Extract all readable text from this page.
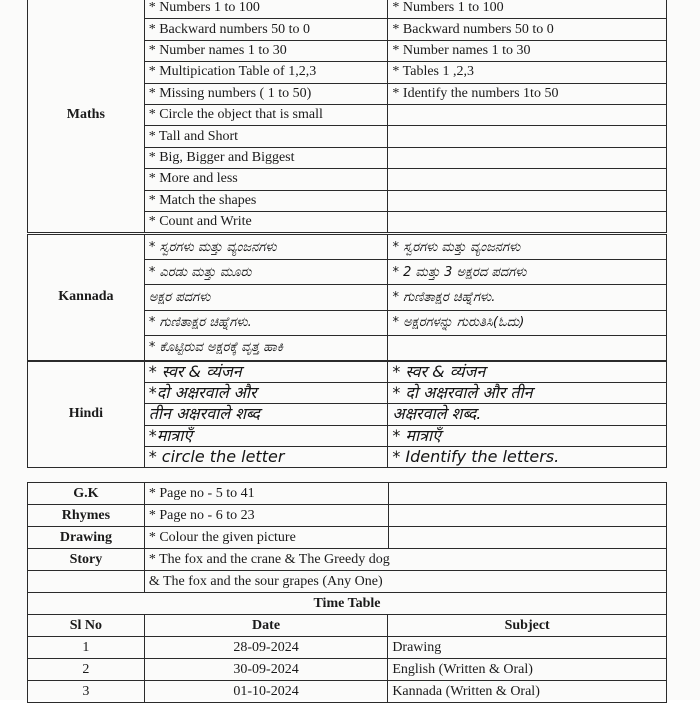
Maths	* Numbers 1 to 100	* Numbers 1 to 100
	* Backward numbers 50 to 0	* Backward numbers 50 to 0
	* Number names 1 to 30	* Number names 1 to 30
	* Multipication Table of 1,2,3	* Tables 1 ,2,3
	* Missing numbers ( 1 to 50)	* Identify the numbers 1to 50
	* Circle the object that is small	
	* Tall and Short	
	* Big, Bigger and Biggest	
	* More and less	
	* Match the shapes	
	* Count and Write	
Kannada	* ಸ್ವರಗಳು ಮತ್ತು ವ್ಯಂಜನಗಳು	* ಸ್ವರಗಳು ಮತ್ತು ವ್ಯಂಜನಗಳು
	* ಎರಡು ಮತ್ತು ಮೂರು	* 2 ಮತ್ತು 3 ಅಕ್ಷರದ ಪದಗಳು
	ಅಕ್ಷರ ಪದಗಳು	* ಗುಣಿತಾಕ್ಷರ ಚಿಹ್ನೆಗಳು.
	* ಗುಣಿತಾಕ್ಷರ ಚಿಹ್ನೆಗಳು.	* ಅಕ್ಷರಗಳನ್ನು ಗುರುತಿಸಿ(ಓದು)
	* ಕೊಟ್ಟಿರುವ ಅಕ್ಷರಕ್ಕೆ ವೃತ್ತ ಹಾಕಿ	
Hindi	* स्वर & व्यंजन	* स्वर & व्यंजन
	*दो अक्षरवाले और	* दो अक्षरवाले और तीन
	तीन अक्षरवाले शब्द	अक्षरवाले शब्द.
	*मात्राएँ	* मात्राएँ
	* circle the letter	* Identify the letters.
G.K	* Page no - 5 to 41	
Rhymes	* Page no - 6 to 23	
Drawing	* Colour the given picture	
Story	* The fox and the crane & The Greedy dog	
	& The fox and the sour grapes (Any One)	
Time Table		
Sl No	Date	Subject
1	28-09-2024	Drawing
2	30-09-2024	English (Written & Oral)
3	01-10-2024	Kannada (Written & Oral)
